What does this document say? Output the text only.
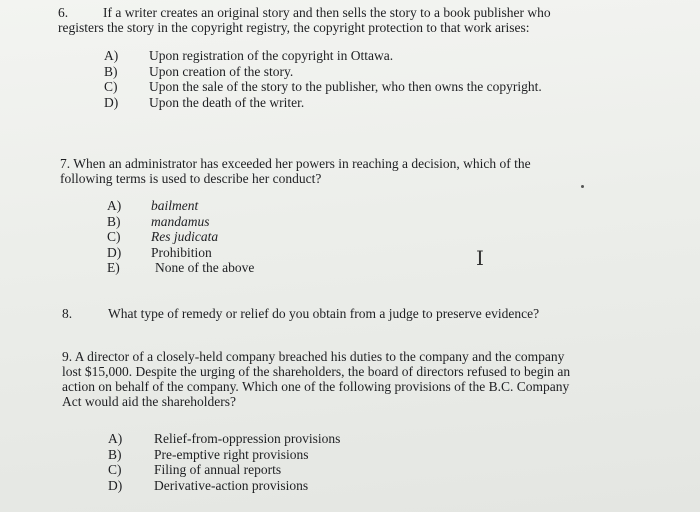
6.	If a writer creates an original story and then sells the story to a book publisher who
registers the story in the copyright registry, the copyright protection to that work arises:
A) Upon registration of the copyright in Ottawa.
B) Upon creation of the story.
C) Upon the sale of the story to the publisher, who then owns the copyright.
D) Upon the death of the writer.
7. When an administrator has exceeded her powers in reaching a decision, which of the
following terms is used to describe her conduct?
A) bailment
B) mandamus
C) Res judicata
D) Prohibition
E)	None of the above	I
8.	What type of remedy or relief do you obtain from a judge to preserve evidence?
9. A director of a closely-held company breached his duties to the company and the company
lost $15,000. Despite the urging of the shareholders, the board of directors refused to begin an
action on behalf of the company. Which one of the following provisions of the B.C. Company
Act would aid the shareholders?
A) Relief-from-oppression provisions
B) Pre-emptive right provisions
C) Filing of annual reports
D) Derivative-action provisions
